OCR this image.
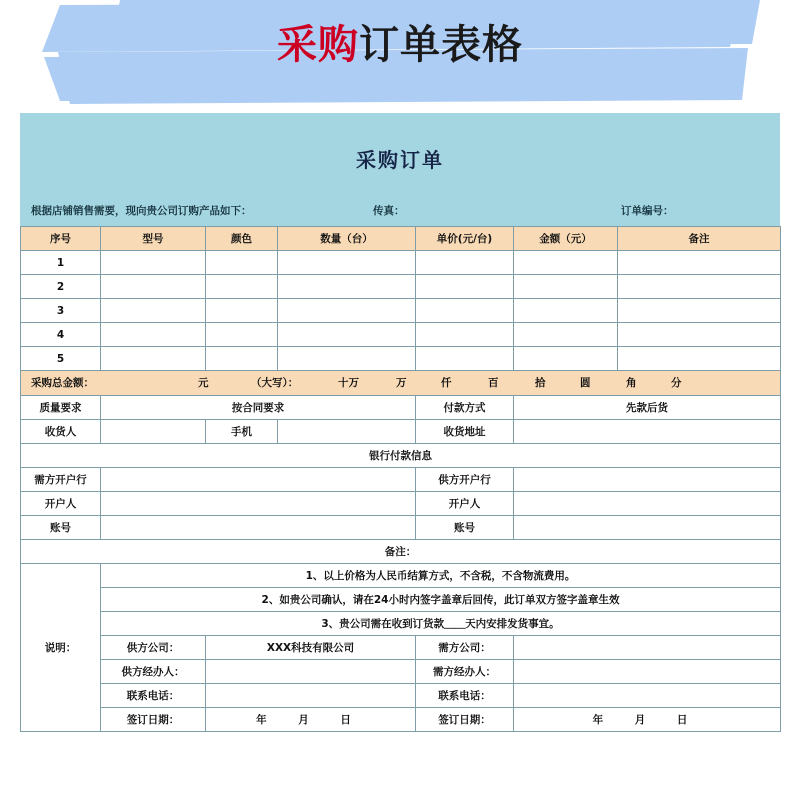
采购订单表格
采购订单
根据店铺销售需要，现向贵公司订购产品如下：	传真：	订单编号：
序号	型号	颜色	数量（台）	单价(元/台)	金额（元）	备注
1						
2						
3						
4						
5						

采购总金额：	元	（大写）：	十万	万	仟	百	拾	圆	角	分

质量要求	按合同要求			付款方式	先款后货	
收货人		手机		收货地址		
银行付款信息						
需方开户行				供方开户行		
开户人				开户人		
账号				账号		
备注：						
说明：	1、以上价格为人民币结算方式，不含税，不含物流费用。					
	2、如贵公司确认，请在24小时内签字盖章后回传，此订单双方签字盖章生效					
	3、贵公司需在收到订货款＿＿天内安排发货事宜。					
	供方公司：	XXX科技有限公司		需方公司：		
	供方经办人：			需方经办人：		
	联系电话：			联系电话：		
	签订日期：	年 月 日		签订日期：	年 月 日	
